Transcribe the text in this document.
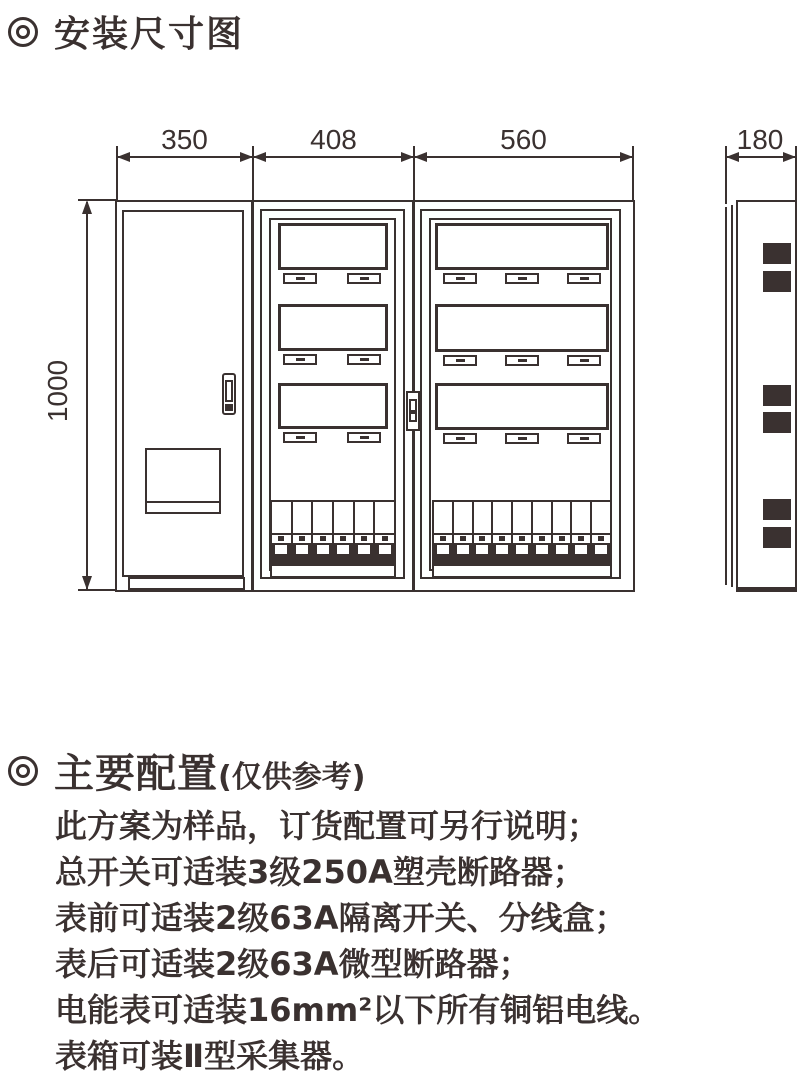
安装尺寸图
350	408	560	180
1000
主要配置 (仅供参考)
此方案为样品，订货配置可另行说明；
总开关可适装3级250A塑壳断路器；
表前可适装2级63A隔离开关、分线盒；
表后可适装2级63A微型断路器；
电能表可适装16mm²以下所有铜铝电线。
表箱可装Ⅱ型采集器。
